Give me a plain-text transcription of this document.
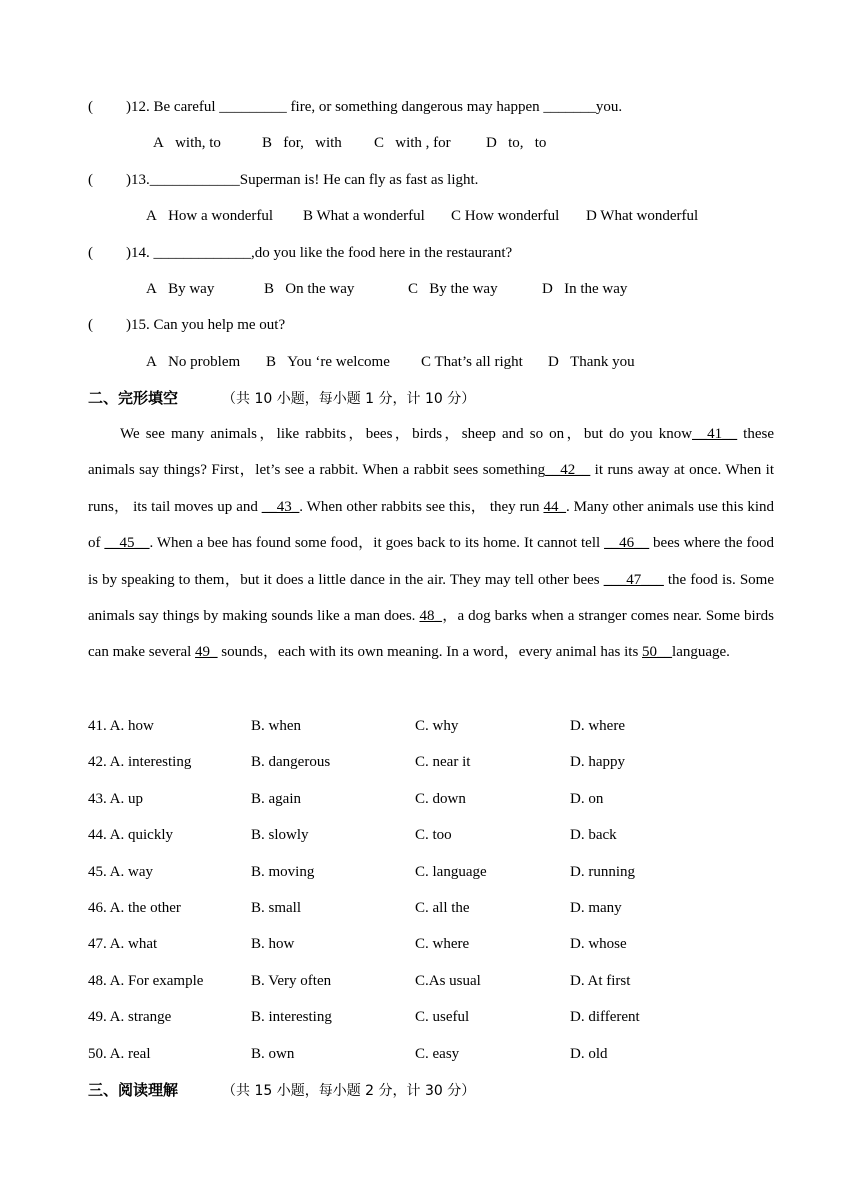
( )12. Be careful _________ fire, or something dangerous may happen _______you.
A   with, to	B   for,   with C   with , for D   to,   to
( )13.____________Superman is! He can fly as fast as light.
A   How a wonderful B What a wonderful C How wonderful D What wonderful
( )14. _____________,do you like the food here in the restaurant?
A   By way	B   On the way	C   By the way	D   In the way
( )15. Can you help me out?
A   No problem B   You ‘re welcome C That’s all right D   Thank you
二、完形填空	（共 10 小题，每小题 1 分，计 10 分）
We see many animals，like rabbits，bees，birds，sheep and so on，but do you know__41__ these animals say things? First，let’s see a rabbit. When a rabbit sees something__42__ it runs away at once. When it runs， its tail moves up and __43_. When other rabbits see this， they run 44_. Many other animals use this kind of __45__. When a bee has found some food，it goes back to its home. It cannot tell __46__ bees where the food is by speaking to them，but it does a little dance in the air. They may tell other bees ___47___ the food is. Some animals say things by making sounds like a man does. 48_，a dog barks when a stranger comes near. Some birds can make several 49_ sounds，each with its own meaning. In a word，every animal has its 50__language.
41. A. how	B. when	C. why	D. where
42. A. interesting	B. dangerous	C. near it	D. happy
43. A. up	B. again	C. down	D. on
44. A. quickly	B. slowly	C. too	D. back
45. A. way	B. moving	C. language	D. running
46. A. the other	B. small	C. all the	D. many
47. A. what	B. how	C. where	D. whose
48. A. For example	B. Very often	C.As usual	D. At first
49. A. strange	B. interesting	C. useful	D. different
50. A. real	B. own	C. easy	D. old
三、阅读理解	（共 15 小题，每小题 2 分，计 30 分）
